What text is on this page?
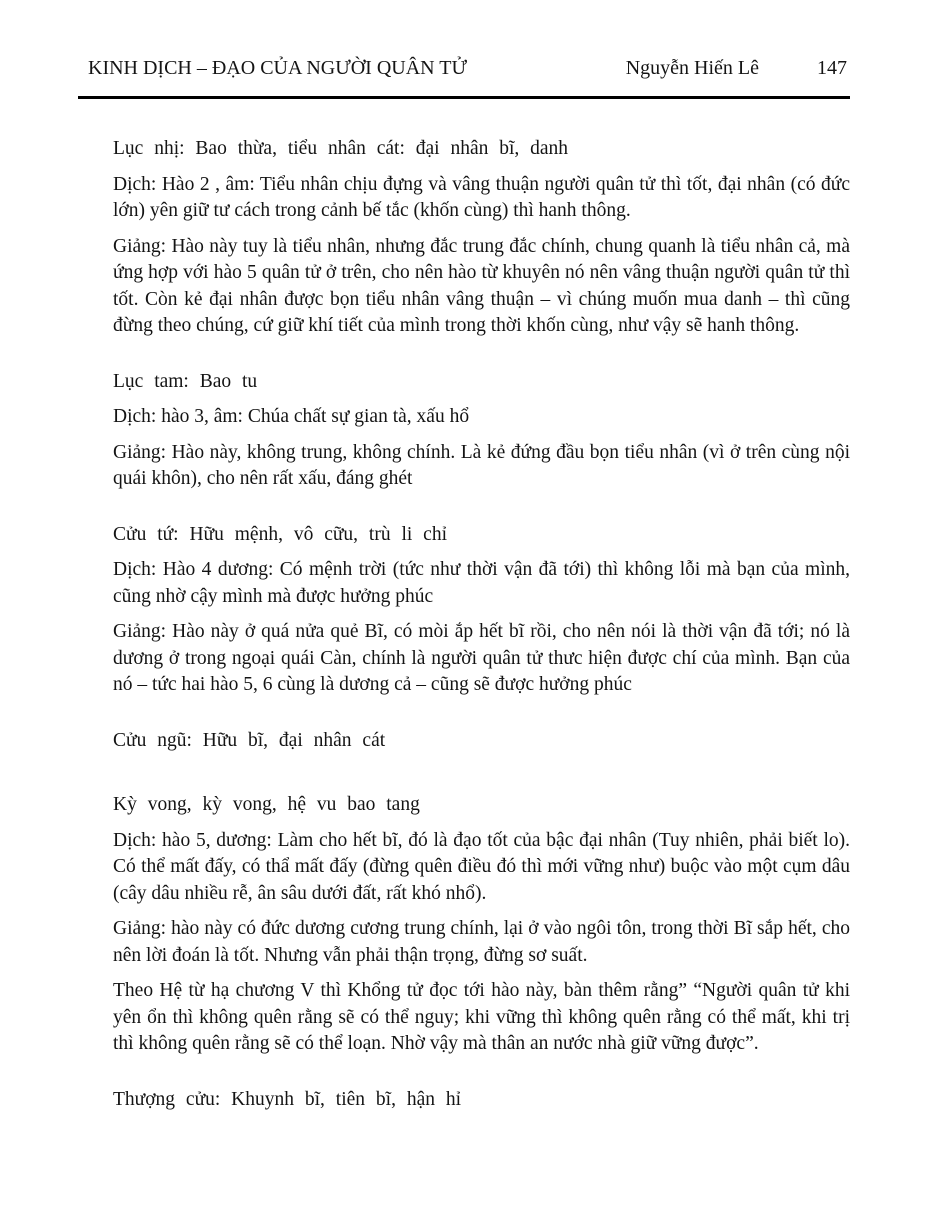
KINH DỊCH – ĐẠO CỦA NGƯỜI QUÂN TỬ	Nguyễn Hiến Lê	147

Lục nhị: Bao thừa, tiểu nhân cát: đại nhân bĩ, danh

Dịch: Hào 2 , âm: Tiểu nhân chịu đựng và vâng thuận người quân tử thì tốt, đại nhân (có đức lớn) yên giữ tư cách trong cảnh bế tắc (khốn cùng) thì hanh thông.

Giảng: Hào này tuy là tiểu nhân, nhưng đắc trung đắc chính, chung quanh là tiểu nhân cả, mà ứng hợp với hào 5 quân tử ở trên, cho nên hào từ khuyên nó nên vâng thuận người quân tử thì tốt. Còn kẻ đại nhân được bọn tiểu nhân vâng thuận – vì chúng muốn mua danh – thì cũng đừng theo chúng, cứ giữ khí tiết của mình trong thời khốn cùng, như vậy sẽ hanh thông.

Lục tam: Bao tu

Dịch: hào 3, âm: Chúa chất sự gian tà, xấu hổ

Giảng: Hào này, không trung, không chính. Là kẻ đứng đầu bọn tiểu nhân (vì ở trên cùng nội quái khôn), cho nên rất xấu, đáng ghét

Cửu tứ: Hữu mệnh, vô cữu, trù li chỉ

Dịch: Hào 4 dương: Có mệnh trời (tức như thời vận đã tới) thì không lỗi mà bạn của mình, cũng nhờ cậy mình mà được hưởng phúc

Giảng: Hào này ở quá nửa quẻ Bĩ, có mòi ắp hết bĩ rồi, cho nên nói là thời vận đã tới; nó là dương ở trong ngoại quái Càn, chính là người quân tử thưc hiện được chí của mình. Bạn của nó – tức hai hào 5, 6 cùng là dương cả – cũng sẽ được hưởng phúc

Cửu ngũ: Hữu bĩ, đại nhân cát

Kỳ vong, kỳ vong, hệ vu bao tang

Dịch: hào 5, dương: Làm cho hết bĩ, đó là đạo tốt của bậc đại nhân (Tuy nhiên, phải biết lo). Có thể mất đấy, có thẩ mất đấy (đừng quên điều đó thì mới vững như) buộc vào một cụm dâu (cây dâu nhiều rễ, ân sâu dưới đất, rất khó nhổ).

Giảng: hào này có đức dương cương trung chính, lại ở vào ngôi tôn, trong thời Bĩ sắp hết, cho nên lời đoán là tốt. Nhưng vẫn phải thận trọng, đừng sơ suất.

Theo Hệ từ hạ chương V thì Khổng tử đọc tới hào này, bàn thêm rằng” “Người quân tử khi yên ổn thì không quên rằng sẽ có thể nguy; khi vững thì không quên rằng có thể mất, khi trị thì không quên rằng sẽ có thể loạn. Nhờ vậy mà thân an nước nhà giữ vững được”.

Thượng cửu: Khuynh bĩ, tiên bĩ, hận hỉ
